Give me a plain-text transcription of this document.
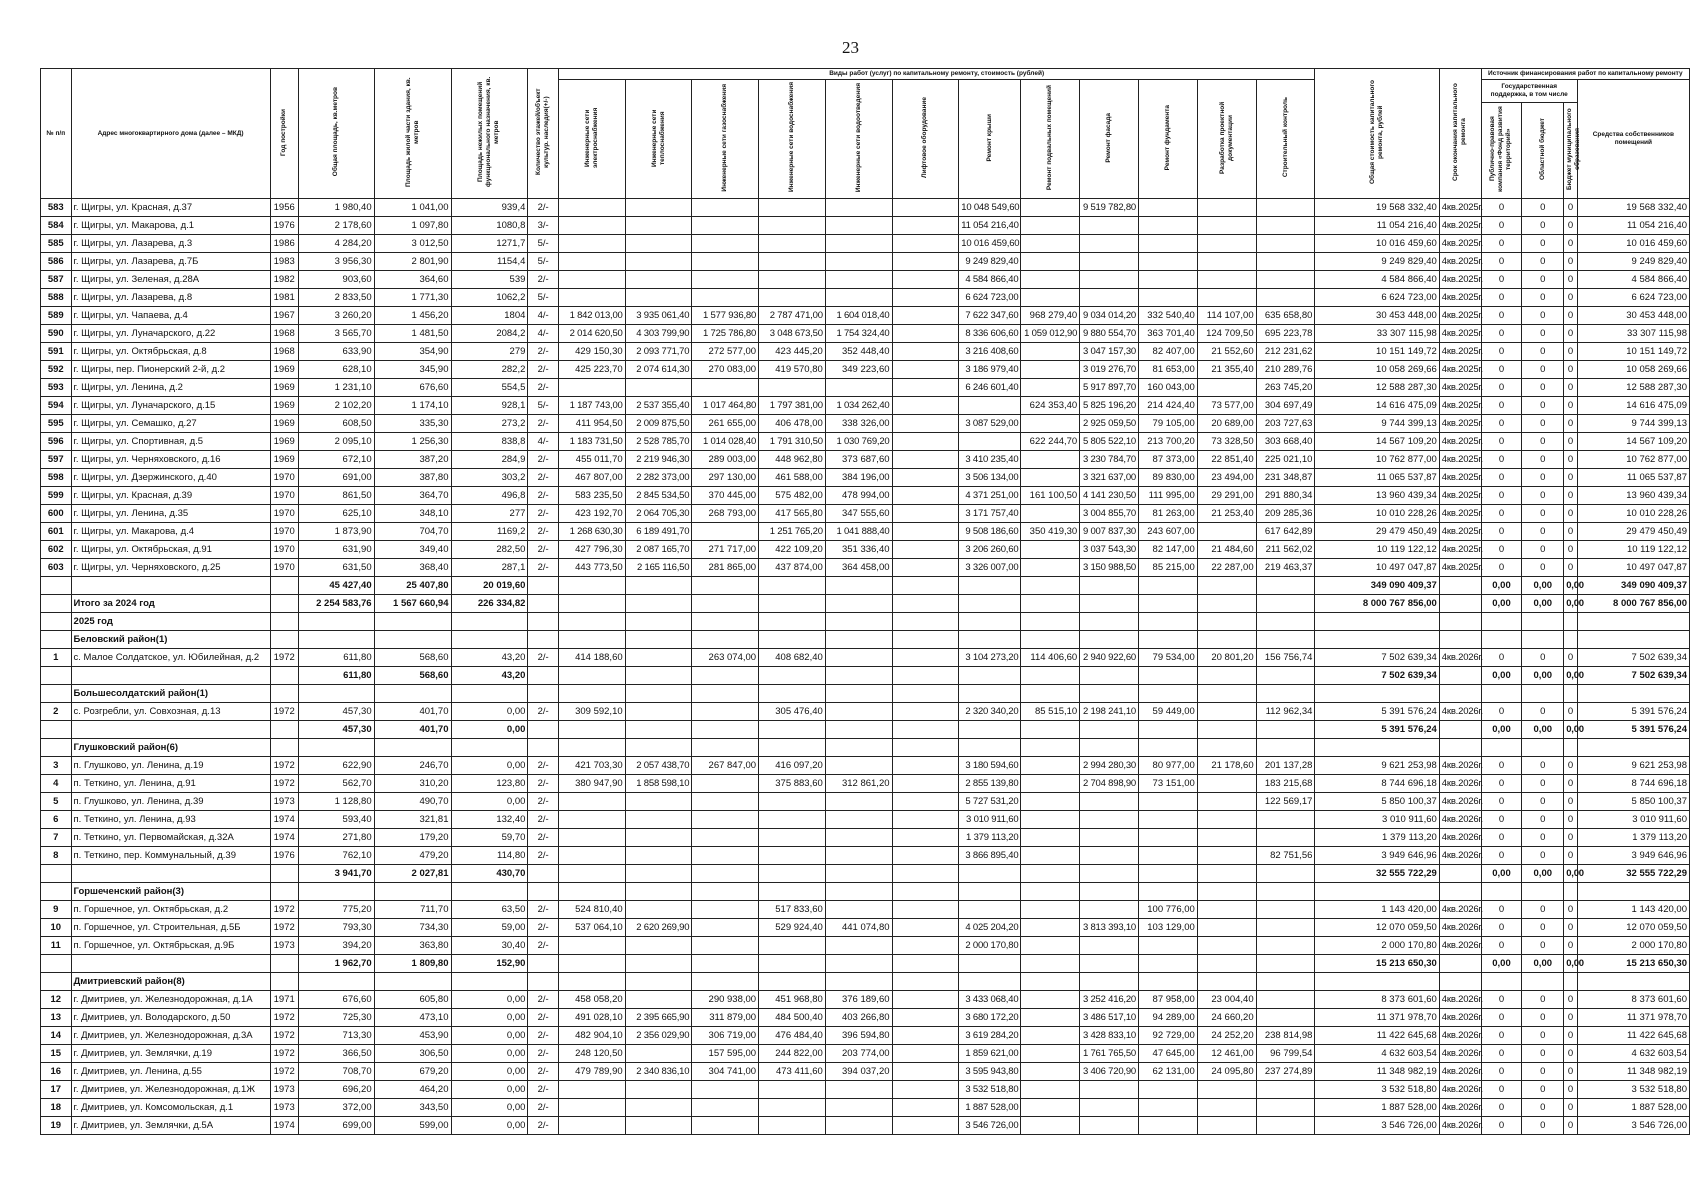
23
№ п/п	Адрес многоквартирного дома (далее – МКД)	Год постройки	Общая площадь, кв.метров	Площадь жилой части здания, кв. метров	Площадь нежилых помещений функционального назначения, кв. метров	Количество этажей/объект культур. наследия(+/-)	Виды работ (услуг) по капитальному ремонту, стоимость (рублей)												Общая стоимость капитального ремонта, рублей	Срок окончания капитального ремонта	Источник финансирования работ по капитальному ремонту			
							Инженерные сети электроснабжения	Инженерные сети теплоснабжения	Инженерные сети газоснабжения	Инженерные сети водоснабжения	Инженерные сети водоотведения	Лифтовое оборудование	Ремонт крыши	Ремонт подвальных помещений	Ремонт фасада	Ремонт фундамента	Разработка проектной документации	Строительный контроль			Государственная поддержка, в том числе			Средства собственников помещений
																					Публично-правовая компания «Фонд развития территорий»	Областной бюджет	Бюджет муниципального образования	
583	г. Щигры, ул. Красная, д.37	1956	1 980,40	1 041,00	939,4	2/-							10 048 549,60		9 519 782,80				19 568 332,40	4кв.2025г.	0	0	0	19 568 332,40
584	г. Щигры, ул. Макарова, д.1	1976	2 178,60	1 097,80	1080,8	3/-							11 054 216,40						11 054 216,40	4кв.2025г.	0	0	0	11 054 216,40
585	г. Щигры, ул. Лазарева, д.3	1986	4 284,20	3 012,50	1271,7	5/-							10 016 459,60						10 016 459,60	4кв.2025г.	0	0	0	10 016 459,60
586	г. Щигры, ул. Лазарева, д.7Б	1983	3 956,30	2 801,90	1154,4	5/-							9 249 829,40						9 249 829,40	4кв.2025г.	0	0	0	9 249 829,40
587	г. Щигры, ул. Зеленая, д.28А	1982	903,60	364,60	539	2/-							4 584 866,40						4 584 866,40	4кв.2025г.	0	0	0	4 584 866,40
588	г. Щигры, ул. Лазарева, д.8	1981	2 833,50	1 771,30	1062,2	5/-							6 624 723,00						6 624 723,00	4кв.2025г.	0	0	0	6 624 723,00
589	г. Щигры, ул. Чапаева, д.4	1967	3 260,20	1 456,20	1804	4/-	1 842 013,00	3 935 061,40	1 577 936,80	2 787 471,00	1 604 018,40		7 622 347,60	968 279,40	9 034 014,20	332 540,40	114 107,00	635 658,80	30 453 448,00	4кв.2025г.	0	0	0	30 453 448,00
590	г. Щигры, ул. Луначарского, д.22	1968	3 565,70	1 481,50	2084,2	4/-	2 014 620,50	4 303 799,90	1 725 786,80	3 048 673,50	1 754 324,40		8 336 606,60	1 059 012,90	9 880 554,70	363 701,40	124 709,50	695 223,78	33 307 115,98	4кв.2025г.	0	0	0	33 307 115,98
591	г. Щигры, ул. Октябрьская, д.8	1968	633,90	354,90	279	2/-	429 150,30	2 093 771,70	272 577,00	423 445,20	352 448,40		3 216 408,60		3 047 157,30	82 407,00	21 552,60	212 231,62	10 151 149,72	4кв.2025г.	0	0	0	10 151 149,72
592	г. Щигры, пер. Пионерский 2-й, д.2	1969	628,10	345,90	282,2	2/-	425 223,70	2 074 614,30	270 083,00	419 570,80	349 223,60		3 186 979,40		3 019 276,70	81 653,00	21 355,40	210 289,76	10 058 269,66	4кв.2025г.	0	0	0	10 058 269,66
593	г. Щигры, ул. Ленина, д.2	1969	1 231,10	676,60	554,5	2/-							6 246 601,40		5 917 897,70	160 043,00		263 745,20	12 588 287,30	4кв.2025г.	0	0	0	12 588 287,30
594	г. Щигры, ул. Луначарского, д.15	1969	2 102,20	1 174,10	928,1	5/-	1 187 743,00	2 537 355,40	1 017 464,80	1 797 381,00	1 034 262,40			624 353,40	5 825 196,20	214 424,40	73 577,00	304 697,49	14 616 475,09	4кв.2025г.	0	0	0	14 616 475,09
595	г. Щигры, ул. Семашко, д.27	1969	608,50	335,30	273,2	2/-	411 954,50	2 009 875,50	261 655,00	406 478,00	338 326,00		3 087 529,00		2 925 059,50	79 105,00	20 689,00	203 727,63	9 744 399,13	4кв.2025г.	0	0	0	9 744 399,13
596	г. Щигры, ул. Спортивная, д.5	1969	2 095,10	1 256,30	838,8	4/-	1 183 731,50	2 528 785,70	1 014 028,40	1 791 310,50	1 030 769,20			622 244,70	5 805 522,10	213 700,20	73 328,50	303 668,40	14 567 109,20	4кв.2025г.	0	0	0	14 567 109,20
597	г. Щигры, ул. Черняховского, д.16	1969	672,10	387,20	284,9	2/-	455 011,70	2 219 946,30	289 003,00	448 962,80	373 687,60		3 410 235,40		3 230 784,70	87 373,00	22 851,40	225 021,10	10 762 877,00	4кв.2025г.	0	0	0	10 762 877,00
598	г. Щигры, ул. Дзержинского, д.40	1970	691,00	387,80	303,2	2/-	467 807,00	2 282 373,00	297 130,00	461 588,00	384 196,00		3 506 134,00		3 321 637,00	89 830,00	23 494,00	231 348,87	11 065 537,87	4кв.2025г.	0	0	0	11 065 537,87
599	г. Щигры, ул. Красная, д.39	1970	861,50	364,70	496,8	2/-	583 235,50	2 845 534,50	370 445,00	575 482,00	478 994,00		4 371 251,00	161 100,50	4 141 230,50	111 995,00	29 291,00	291 880,34	13 960 439,34	4кв.2025г.	0	0	0	13 960 439,34
600	г. Щигры, ул. Ленина, д.35	1970	625,10	348,10	277	2/-	423 192,70	2 064 705,30	268 793,00	417 565,80	347 555,60		3 171 757,40		3 004 855,70	81 263,00	21 253,40	209 285,36	10 010 228,26	4кв.2025г.	0	0	0	10 010 228,26
601	г. Щигры, ул. Макарова, д.4	1970	1 873,90	704,70	1169,2	2/-	1 268 630,30	6 189 491,70		1 251 765,20	1 041 888,40		9 508 186,60	350 419,30	9 007 837,30	243 607,00		617 642,89	29 479 450,49	4кв.2025г.	0	0	0	29 479 450,49
602	г. Щигры, ул. Октябрьская, д.91	1970	631,90	349,40	282,50	2/-	427 796,30	2 087 165,70	271 717,00	422 109,20	351 336,40		3 206 260,60		3 037 543,30	82 147,00	21 484,60	211 562,02	10 119 122,12	4кв.2025г.	0	0	0	10 119 122,12
603	г. Щигры, ул. Черняховского, д.25	1970	631,50	368,40	287,1	2/-	443 773,50	2 165 116,50	281 865,00	437 874,00	364 458,00		3 326 007,00		3 150 988,50	85 215,00	22 287,00	219 463,37	10 497 047,87	4кв.2025г.	0	0	0	10 497 047,87
			45 427,40	25 407,80	20 019,60														349 090 409,37		0,00	0,00	0,00	349 090 409,37
	Итого за 2024 год		2 254 583,76	1 567 660,94	226 334,82														8 000 767 856,00		0,00	0,00	0,00	8 000 767 856,00
	2025 год																							
	Беловский район(1)																							
1	с. Малое Солдатское, ул. Юбилейная, д.2	1972	611,80	568,60	43,20	2/-	414 188,60		263 074,00	408 682,40			3 104 273,20	114 406,60	2 940 922,60	79 534,00	20 801,20	156 756,74	7 502 639,34	4кв.2026г.	0	0	0	7 502 639,34
			611,80	568,60	43,20														7 502 639,34		0,00	0,00	0,00	7 502 639,34
	Большесолдатский район(1)																							
2	с. Розгребли, ул. Совхозная, д.13	1972	457,30	401,70	0,00	2/-	309 592,10			305 476,40			2 320 340,20	85 515,10	2 198 241,10	59 449,00		112 962,34	5 391 576,24	4кв.2026г.	0	0	0	5 391 576,24
			457,30	401,70	0,00														5 391 576,24		0,00	0,00	0,00	5 391 576,24
	Глушковский район(6)																							
3	п. Глушково, ул. Ленина, д.19	1972	622,90	246,70	0,00	2/-	421 703,30	2 057 438,70	267 847,00	416 097,20			3 180 594,60		2 994 280,30	80 977,00	21 178,60	201 137,28	9 621 253,98	4кв.2026г.	0	0	0	9 621 253,98
4	п. Теткино, ул. Ленина, д.91	1972	562,70	310,20	123,80	2/-	380 947,90	1 858 598,10		375 883,60	312 861,20		2 855 139,80		2 704 898,90	73 151,00		183 215,68	8 744 696,18	4кв.2026г.	0	0	0	8 744 696,18
5	п. Глушково, ул. Ленина, д.39	1973	1 128,80	490,70	0,00	2/-							5 727 531,20					122 569,17	5 850 100,37	4кв.2026г.	0	0	0	5 850 100,37
6	п. Теткино, ул. Ленина, д.93	1974	593,40	321,81	132,40	2/-							3 010 911,60						3 010 911,60	4кв.2026г.	0	0	0	3 010 911,60
7	п. Теткино, ул. Первомайская, д.32А	1974	271,80	179,20	59,70	2/-							1 379 113,20						1 379 113,20	4кв.2026г.	0	0	0	1 379 113,20
8	п. Теткино, пер. Коммунальный, д.39	1976	762,10	479,20	114,80	2/-							3 866 895,40					82 751,56	3 949 646,96	4кв.2026г.	0	0	0	3 949 646,96
			3 941,70	2 027,81	430,70														32 555 722,29		0,00	0,00	0,00	32 555 722,29
	Горшеченский район(3)																							
9	п. Горшечное, ул. Октябрьская, д.2	1972	775,20	711,70	63,50	2/-	524 810,40			517 833,60						100 776,00			1 143 420,00	4кв.2026г.	0	0	0	1 143 420,00
10	п. Горшечное, ул. Строительная, д.5Б	1972	793,30	734,30	59,00	2/-	537 064,10	2 620 269,90		529 924,40	441 074,80		4 025 204,20		3 813 393,10	103 129,00			12 070 059,50	4кв.2026г.	0	0	0	12 070 059,50
11	п. Горшечное, ул. Октябрьская, д.9Б	1973	394,20	363,80	30,40	2/-							2 000 170,80						2 000 170,80	4кв.2026г.	0	0	0	2 000 170,80
			1 962,70	1 809,80	152,90														15 213 650,30		0,00	0,00	0,00	15 213 650,30
	Дмитриевский район(8)																							
12	г. Дмитриев, ул. Железнодорожная, д.1А	1971	676,60	605,80	0,00	2/-	458 058,20		290 938,00	451 968,80	376 189,60		3 433 068,40		3 252 416,20	87 958,00	23 004,40		8 373 601,60	4кв.2026г.	0	0	0	8 373 601,60
13	г. Дмитриев, ул. Володарского, д.50	1972	725,30	473,10	0,00	2/-	491 028,10	2 395 665,90	311 879,00	484 500,40	403 266,80		3 680 172,20		3 486 517,10	94 289,00	24 660,20		11 371 978,70	4кв.2026г.	0	0	0	11 371 978,70
14	г. Дмитриев, ул. Железнодорожная, д.3А	1972	713,30	453,90	0,00	2/-	482 904,10	2 356 029,90	306 719,00	476 484,40	396 594,80		3 619 284,20		3 428 833,10	92 729,00	24 252,20	238 814,98	11 422 645,68	4кв.2026г.	0	0	0	11 422 645,68
15	г. Дмитриев, ул. Землячки, д.19	1972	366,50	306,50	0,00	2/-	248 120,50		157 595,00	244 822,00	203 774,00		1 859 621,00		1 761 765,50	47 645,00	12 461,00	96 799,54	4 632 603,54	4кв.2026г.	0	0	0	4 632 603,54
16	г. Дмитриев, ул. Ленина, д.55	1972	708,70	679,20	0,00	2/-	479 789,90	2 340 836,10	304 741,00	473 411,60	394 037,20		3 595 943,80		3 406 720,90	62 131,00	24 095,80	237 274,89	11 348 982,19	4кв.2026г.	0	0	0	11 348 982,19
17	г. Дмитриев, ул. Железнодорожная, д.1Ж	1973	696,20	464,20	0,00	2/-							3 532 518,80						3 532 518,80	4кв.2026г.	0	0	0	3 532 518,80
18	г. Дмитриев, ул. Комсомольская, д.1	1973	372,00	343,50	0,00	2/-							1 887 528,00						1 887 528,00	4кв.2026г.	0	0	0	1 887 528,00
19	г. Дмитриев, ул. Землячки, д.5А	1974	699,00	599,00	0,00	2/-							3 546 726,00						3 546 726,00	4кв.2026г.	0	0	0	3 546 726,00
